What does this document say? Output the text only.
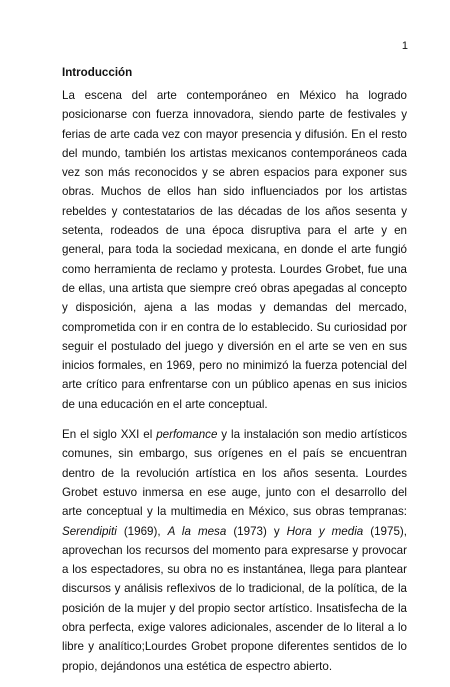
1
Introducción

La escena del arte contemporáneo en México ha logrado posicionarse con fuerza innovadora, siendo parte de festivales y ferias de arte cada vez con mayor presencia y difusión. En el resto del mundo, también los artistas mexicanos contemporáneos cada vez son más reconocidos y se abren espacios para exponer sus obras. Muchos de ellos han sido influenciados por los artistas rebeldes y contestatarios de las décadas de los años sesenta y setenta, rodeados de una época disruptiva para el arte y en general, para toda la sociedad mexicana, en donde el arte fungió como herramienta de reclamo y protesta. Lourdes Grobet, fue una de ellas, una artista que siempre creó obras apegadas al concepto y disposición, ajena a las modas y demandas del mercado, comprometida con ir en contra de lo establecido. Su curiosidad por seguir el postulado del juego y diversión en el arte se ven en sus inicios formales, en 1969, pero no minimizó la fuerza potencial del arte crítico para enfrentarse con un público apenas en sus inicios de una educación en el arte conceptual.

En el siglo XXI el perfomance y la instalación son medio artísticos comunes, sin embargo, sus orígenes en el país se encuentran dentro de la revolución artística en los años sesenta. Lourdes Grobet estuvo inmersa en ese auge, junto con el desarrollo del arte conceptual y la multimedia en México, sus obras tempranas: Serendipiti (1969), A la mesa (1973) y Hora y media (1975), aprovechan los recursos del momento para expresarse y provocar a los espectadores, su obra no es instantánea, llega para plantear discursos y análisis reflexivos de lo tradicional, de la política, de la posición de la mujer y del propio sector artístico. Insatisfecha de la obra perfecta, exige valores adicionales, ascender de lo literal a lo libre y analítico;Lourdes Grobet propone diferentes sentidos de lo propio, dejándonos una estética de espectro abierto.
